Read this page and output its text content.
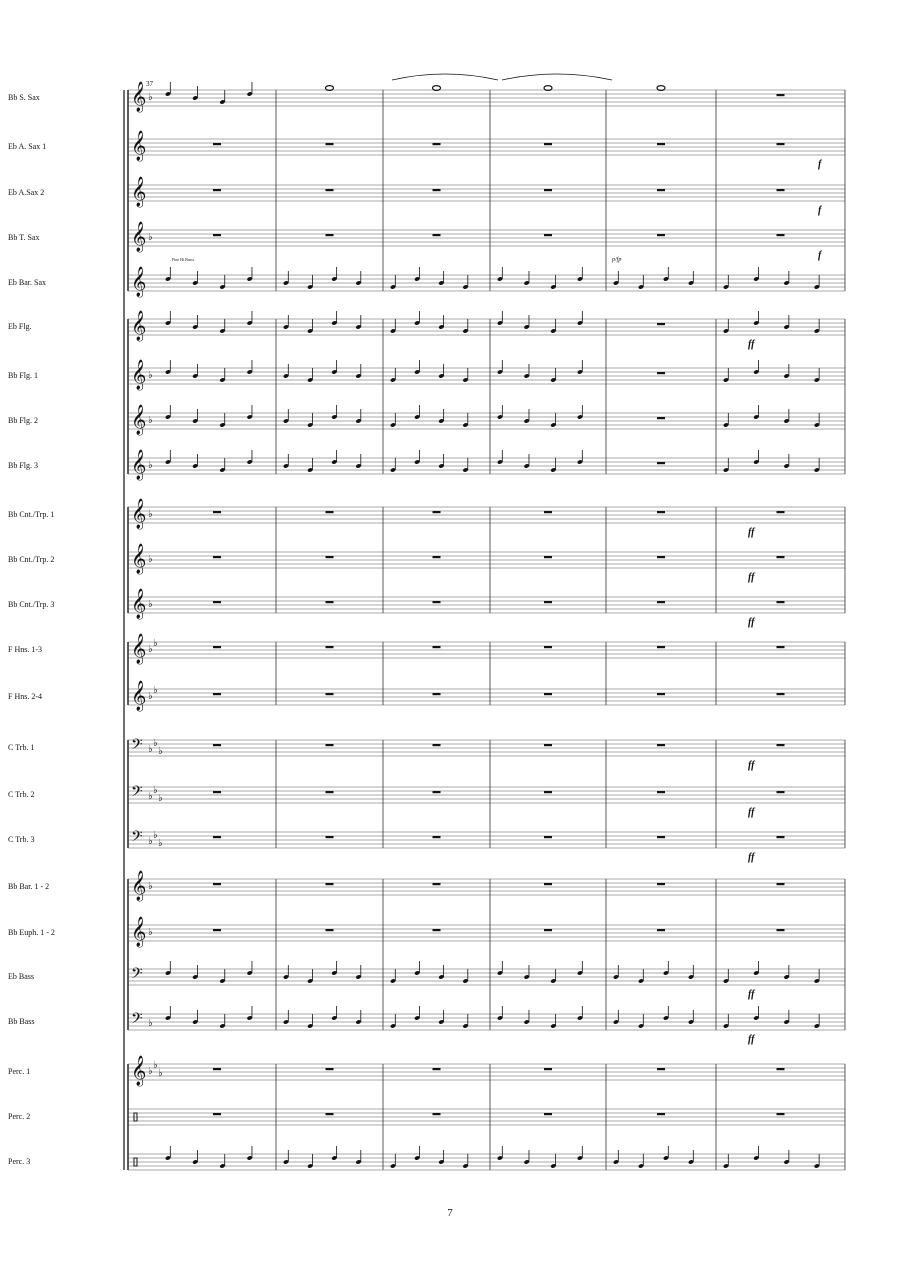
𝄞 ♭
𝄞
𝄞
𝄞 ♭
𝄞
𝄞
𝄞 ♭
𝄞 ♭
𝄞 ♭
𝄞 ♭
𝄞 ♭
𝄞 ♭
𝄞 ♭
♭
𝄞 ♭
♭
𝄢 ♭
♭
♭
𝄢 ♭
♭
♭
𝄢 ♭
♭
♭
𝄞 ♭
𝄞 ♭
𝄢
𝄢 ♭
𝄞 ♭
♭
♭
f
f
f
ff
ff
ff
ff
ff
ff
ff
ff
ff
Bb S. Sax
Eb A. Sax 1
Eb A.Sax 2
Bb T. Sax
Eb Bar. Sax
Eb Flg.
Bb Flg. 1
Bb Flg. 2
Bb Flg. 3
Bb Cnt./Trp. 1
Bb Cnt./Trp. 2
Bb Cnt./Trp. 3
F Hns. 1-3
F Hns. 2-4
C Trb. 1
C Trb. 2
C Trb. 3
Bb Bar. 1 - 2
Bb Euph. 1 - 2
Eb Bass
Bb Bass
Perc. 1
Perc. 2
Perc. 3
37
Fine Hi Bassi	p/fp
7
